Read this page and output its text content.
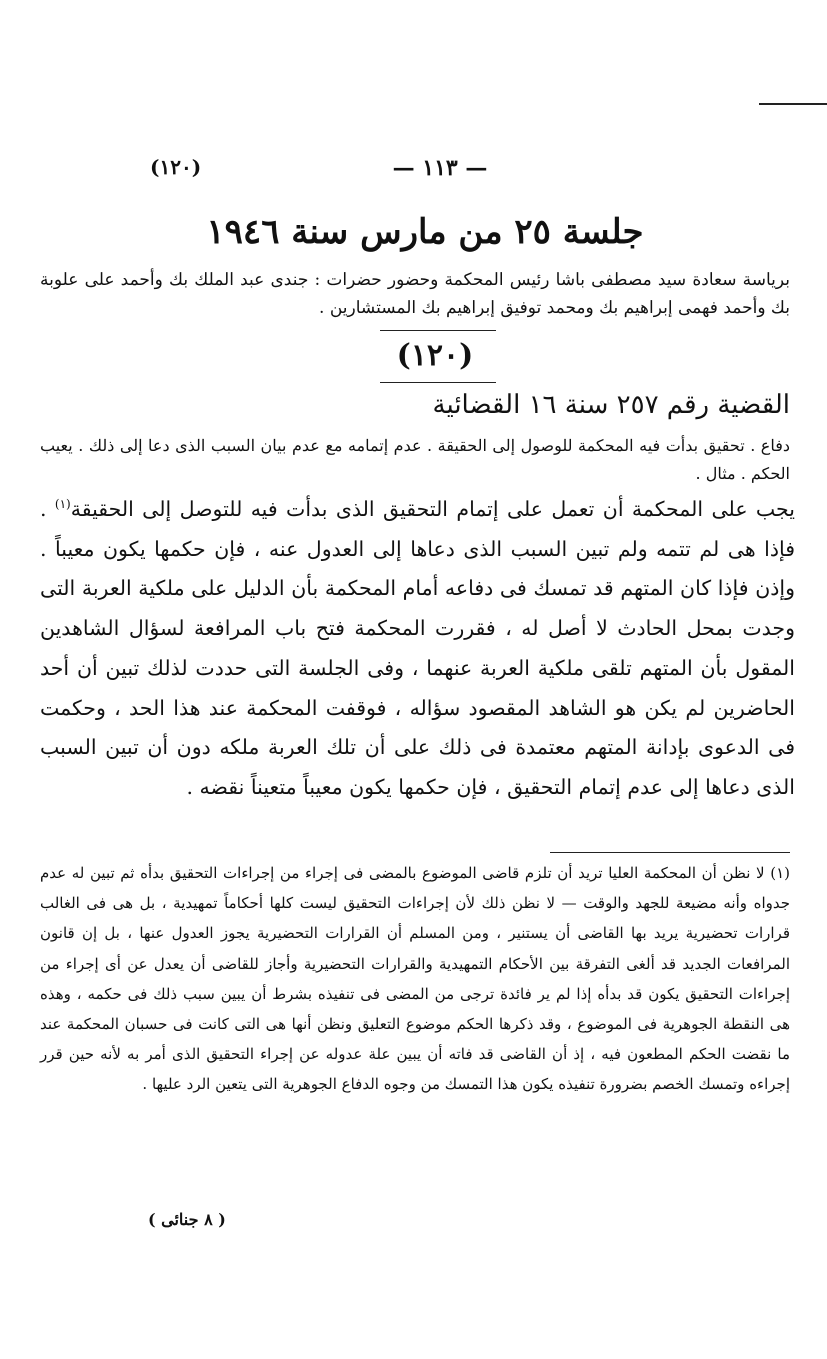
(۱۲۰)	— ۱۱۳ —
جلسة ٢٥ من مارس سنة ١٩٤٦
برياسة سعادة سيد مصطفى باشا رئيس المحكمة وحضور حضرات : جندى عبد الملك بك وأحمد على علوبة بك وأحمد فهمى إبراهيم بك ومحمد توفيق إبراهيم بك المستشارين .
(۱۲۰)
القضية رقم ٢٥٧ سنة ١٦ القضائية
دفاع . تحقيق بدأت فيه المحكمة للوصول إلى الحقيقة . عدم إتمامه مع عدم بيان السبب الذى دعا إلى ذلك . يعيب الحكم . مثال .
يجب على المحكمة أن تعمل على إتمام التحقيق الذى بدأت فيه للتوصل إلى الحقيقة$^{(١)}$ . فإذا هى لم تتمه ولم تبين السبب الذى دعاها إلى العدول عنه ، فإن حكمها يكون معيباً . وإذن فإذا كان المتهم قد تمسك فى دفاعه أمام المحكمة بأن الدليل على ملكية العربة التى وجدت بمحل الحادث لا أصل له ، فقررت المحكمة فتح باب المرافعة لسؤال الشاهدين المقول بأن المتهم تلقى ملكية العربة عنهما ، وفى الجلسة التى حددت لذلك تبين أن أحد الحاضرين لم يكن هو الشاهد المقصود سؤاله ، فوقفت المحكمة عند هذا الحد ، وحكمت فى الدعوى بإدانة المتهم معتمدة فى ذلك على أن تلك العربة ملكه دون أن تبين السبب الذى دعاها إلى عدم إتمام التحقيق ، فإن حكمها يكون معيباً متعيناً نقضه .
(١) لا نظن أن المحكمة العليا تريد أن تلزم قاضى الموضوع بالمضى فى إجراء من إجراءات التحقيق بدأه ثم تبين له عدم جدواه وأنه مضيعة للجهد والوقت — لا نظن ذلك لأن إجراءات التحقيق ليست كلها أحكاماً تمهيدية ، بل هى فى الغالب قرارات تحضيرية يريد بها القاضى أن يستنير ، ومن المسلم أن القرارات التحضيرية يجوز العدول عنها ، بل إن قانون المرافعات الجديد قد ألغى التفرقة بين الأحكام التمهيدية والقرارات التحضيرية وأجاز للقاضى أن يعدل عن أى إجراء من إجراءات التحقيق يكون قد بدأه إذا لم ير فائدة ترجى من المضى فى تنفيذه بشرط أن يبين سبب ذلك فى حكمه ، وهذه هى النقطة الجوهرية فى الموضوع ، وقد ذكرها الحكم موضوع التعليق ونظن أنها هى التى كانت فى حسبان المحكمة عند ما نقضت الحكم المطعون فيه ، إذ أن القاضى قد فاته أن يبين علة عدوله عن إجراء التحقيق الذى أمر به لأنه حين قرر إجراءه وتمسك الخصم بضرورة تنفيذه يكون هذا التمسك من وجوه الدفاع الجوهرية التى يتعين الرد عليها .
( ٨ جنائى )
